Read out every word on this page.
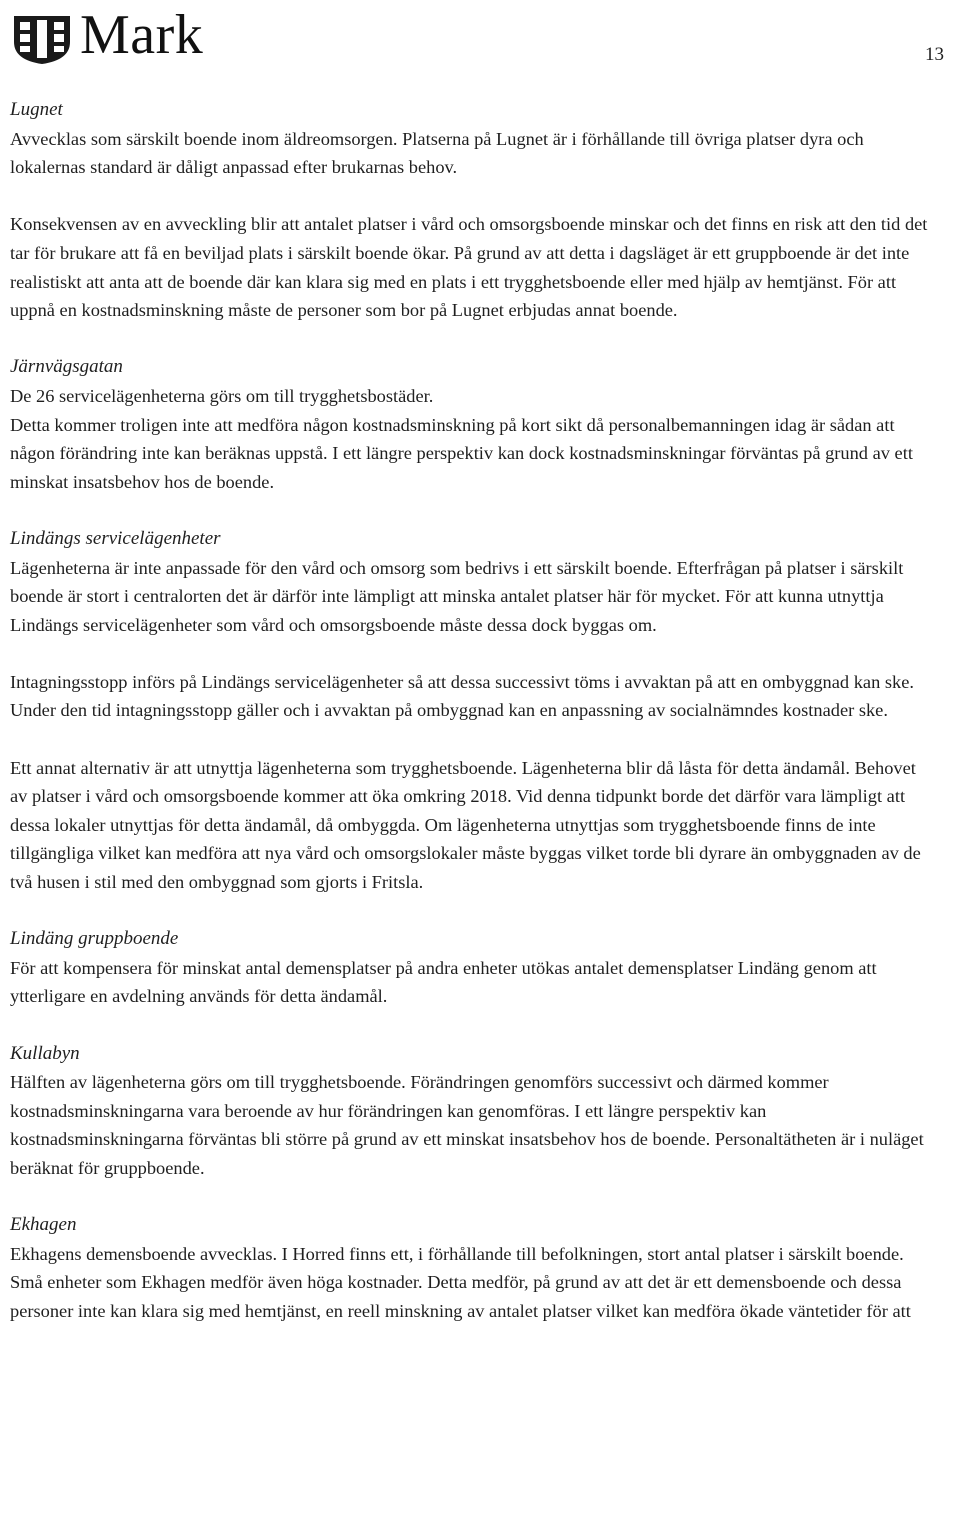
Mark	13
Lugnet

Avvecklas som särskilt boende inom äldreomsorgen. Platserna på Lugnet är i förhållande till övriga platser dyra och lokalernas standard är dåligt anpassad efter brukarnas behov.

Konsekvensen av en avveckling blir att antalet platser i vård och omsorgsboende minskar och det finns en risk att den tid det tar för brukare att få en beviljad plats i särskilt boende ökar. På grund av att detta i dagsläget är ett gruppboende är det inte realistiskt att anta att de boende där kan klara sig med en plats i ett trygghetsboende eller med hjälp av hemtjänst. För att uppnå en kostnadsminskning måste de personer som bor på Lugnet erbjudas annat boende.

Järnvägsgatan

De 26 servicelägenheterna görs om till trygghetsbostäder.

Detta kommer troligen inte att medföra någon kostnadsminskning på kort sikt då personalbemanningen idag är sådan att någon förändring inte kan beräknas uppstå. I ett längre perspektiv kan dock kostnadsminskningar förväntas på grund av ett minskat insatsbehov hos de boende.

Lindängs servicelägenheter

Lägenheterna är inte anpassade för den vård och omsorg som bedrivs i ett särskilt boende. Efterfrågan på platser i särskilt boende är stort i centralorten det är därför inte lämpligt att minska antalet platser här för mycket. För att kunna utnyttja Lindängs servicelägenheter som vård och omsorgsboende måste dessa dock byggas om.

Intagningsstopp införs på Lindängs servicelägenheter så att dessa successivt töms i avvaktan på att en ombyggnad kan ske. Under den tid intagningsstopp gäller och i avvaktan på ombyggnad kan en anpassning av socialnämndes kostnader ske.

Ett annat alternativ är att utnyttja lägenheterna som trygghetsboende. Lägenheterna blir då låsta för detta ändamål. Behovet av platser i vård och omsorgsboende kommer att öka omkring 2018. Vid denna tidpunkt borde det därför vara lämpligt att dessa lokaler utnyttjas för detta ändamål, då ombyggda. Om lägenheterna utnyttjas som trygghetsboende finns de inte tillgängliga vilket kan medföra att nya vård och omsorgslokaler måste byggas vilket torde bli dyrare än ombyggnaden av de två husen i stil med den ombyggnad som gjorts i Fritsla.

Lindäng gruppboende

För att kompensera för minskat antal demensplatser på andra enheter utökas antalet demensplatser Lindäng genom att ytterligare en avdelning används för detta ändamål.

Kullabyn

Hälften av lägenheterna görs om till trygghetsboende. Förändringen genomförs successivt och därmed kommer kostnadsminskningarna vara beroende av hur förändringen kan genomföras. I ett längre perspektiv kan kostnadsminskningarna förväntas bli större på grund av ett minskat insatsbehov hos de boende. Personaltätheten är i nuläget beräknat för gruppboende.

Ekhagen

Ekhagens demensboende avvecklas. I Horred finns ett, i förhållande till befolkningen, stort antal platser i särskilt boende. Små enheter som Ekhagen medför även höga kostnader. Detta medför, på grund av att det är ett demensboende och dessa personer inte kan klara sig med hemtjänst, en reell minskning av antalet platser vilket kan medföra ökade väntetider för att
